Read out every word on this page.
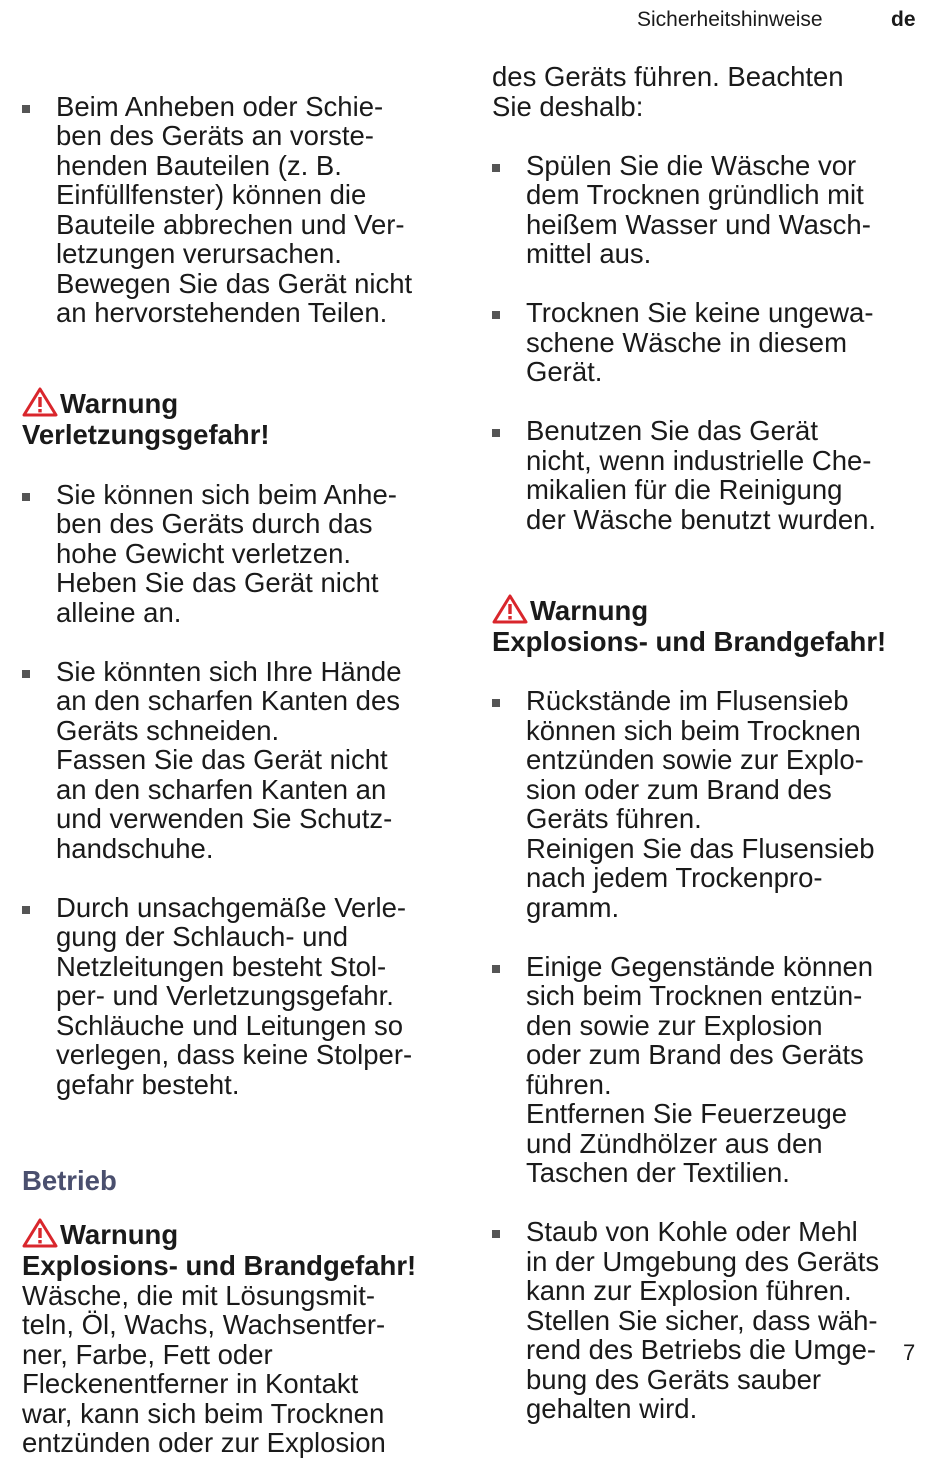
Sicherheitshinweise	de

Beim Anheben oder Schie-
ben des Geräts an vorste-
henden Bauteilen (z. B.
Einfüllfenster) können die
Bauteile abbrechen und Ver-
letzungen verursachen.
Bewegen Sie das Gerät nicht
an hervorstehenden Teilen.

Warnung
Verletzungsgefahr!

Sie können sich beim Anhe-
ben des Geräts durch das
hohe Gewicht verletzen.
Heben Sie das Gerät nicht
alleine an.

Sie könnten sich Ihre Hände
an den scharfen Kanten des
Geräts schneiden.
Fassen Sie das Gerät nicht
an den scharfen Kanten an
und verwenden Sie Schutz-
handschuhe.

Durch unsachgemäße Verle-
gung der Schlauch- und
Netzleitungen besteht Stol-
per- und Verletzungsgefahr.
Schläuche und Leitungen so
verlegen, dass keine Stolper-
gefahr besteht.

Betrieb
Warnung
Explosions- und Brandgefahr!
Wäsche, die mit Lösungsmit-
teln, Öl, Wachs, Wachsentfer-
ner, Farbe, Fett oder
Fleckenentferner in Kontakt
war, kann sich beim Trocknen
entzünden oder zur Explosion
des Geräts führen. Beachten
Sie deshalb:

Spülen Sie die Wäsche vor
dem Trocknen gründlich mit
heißem Wasser und Wasch-
mittel aus.

Trocknen Sie keine ungewa-
schene Wäsche in diesem
Gerät.

Benutzen Sie das Gerät
nicht, wenn industrielle Che-
mikalien für die Reinigung
der Wäsche benutzt wurden.

Warnung
Explosions- und Brandgefahr!

Rückstände im Flusensieb
können sich beim Trocknen
entzünden sowie zur Explo-
sion oder zum Brand des
Geräts führen.
Reinigen Sie das Flusensieb
nach jedem Trockenpro-
gramm.

Einige Gegenstände können
sich beim Trocknen entzün-
den sowie zur Explosion
oder zum Brand des Geräts
führen.
Entfernen Sie Feuerzeuge
und Zündhölzer aus den
Taschen der Textilien.

Staub von Kohle oder Mehl
in der Umgebung des Geräts
kann zur Explosion führen.
Stellen Sie sicher, dass wäh-
rend des Betriebs die Umge-
bung des Geräts sauber
gehalten wird.

7
